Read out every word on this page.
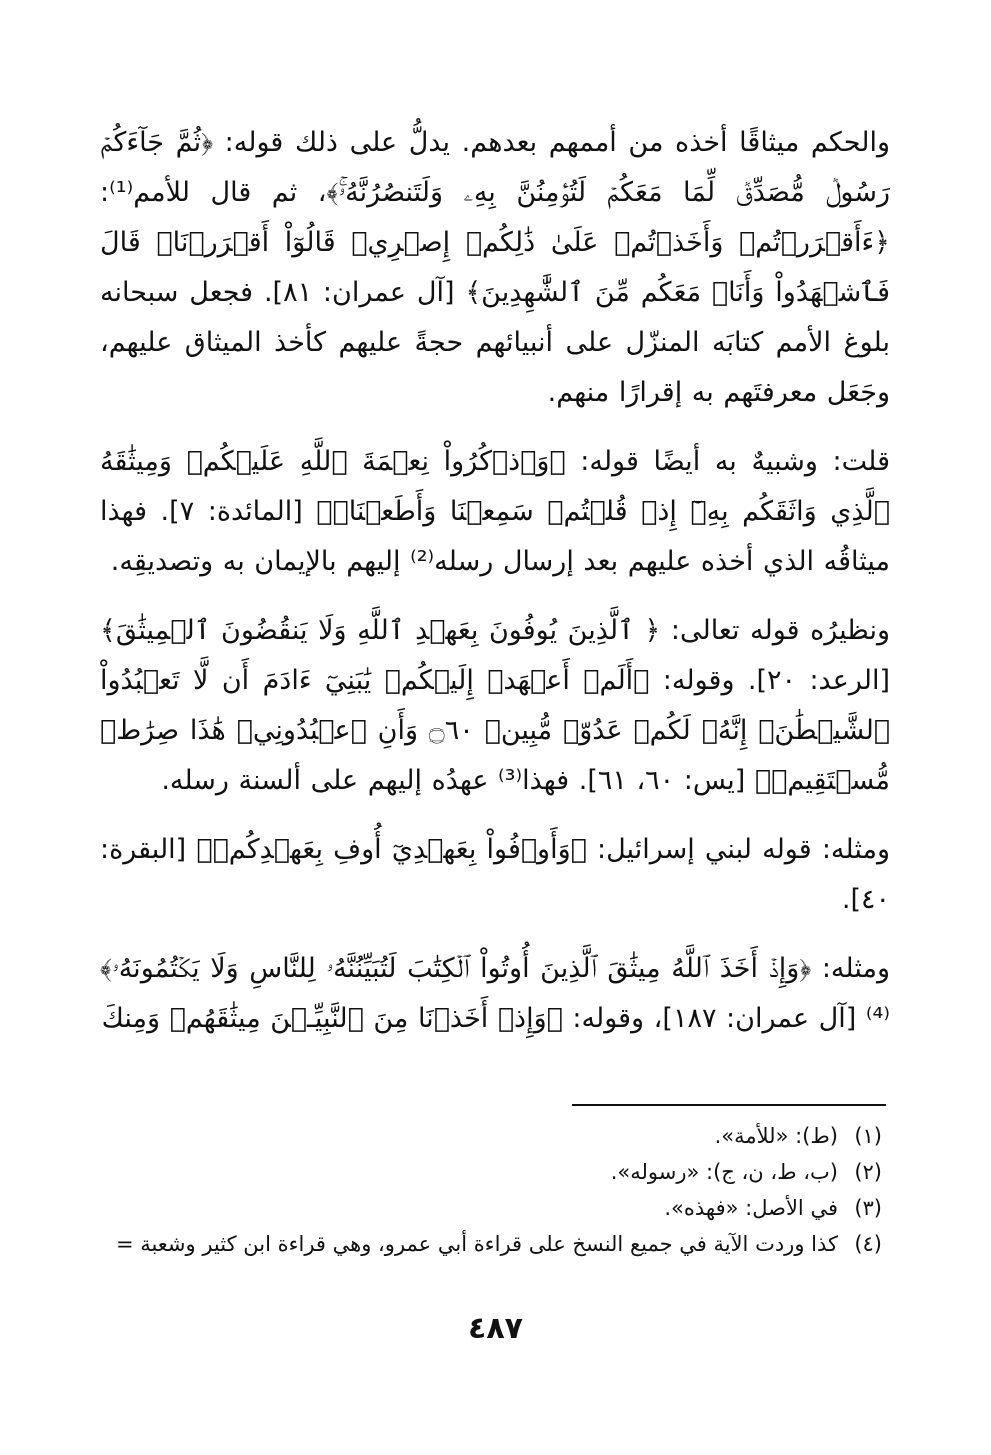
والحكم ميثاقًا أخذه من أممهم بعدهم. يدلُّ على ذلك قوله: ﴿ثُمَّ جَآءَكُمۡ رَسُولٞ مُّصَدِّقٞ لِّمَا مَعَكُمۡ لَتُؤۡمِنُنَّ بِهِۦ وَلَتَنصُرُنَّهُۥۚ﴾، ثم قال للأمم⁽¹⁾: ﴿ءَأَقۡرَرۡتُمۡ وَأَخَذۡتُمۡ عَلَىٰ ذَٰلِكُمۡ إِصۡرِيۖ قَالُوٓاْ أَقۡرَرۡنَاۚ قَالَ فَٱشۡهَدُواْ وَأَنَا۠ مَعَكُم مِّنَ ٱلشَّٰهِدِينَ﴾ [آل عمران: ٨١]. فجعل سبحانه بلوغ الأمم كتابَه المنزّل على أنبيائهم حجةً عليهم كأخذ الميثاق عليهم، وجَعَل معرفتَهم به إقرارًا منهم.

قلت: وشبيهٌ به أيضًا قوله: ﴿وَٱذۡكُرُواْ نِعۡمَةَ ٱللَّهِ عَلَيۡكُمۡ وَمِيثَٰقَهُ ٱلَّذِي وَاثَقَكُم بِهِۦٓ إِذۡ قُلۡتُمۡ سَمِعۡنَا وَأَطَعۡنَاۖ﴾ [المائدة: ٧]. فهذا ميثاقُه الذي أخذه عليهم بعد إرسال رسله⁽²⁾ إليهم بالإيمان به وتصديقِه.

ونظيرُه قوله تعالى: ﴿ ٱلَّذِينَ يُوفُونَ بِعَهۡدِ ٱللَّهِ وَلَا يَنقُضُونَ ٱلۡمِيثَٰقَ﴾ [الرعد: ٢٠]. وقوله: ﴿أَلَمۡ أَعۡهَدۡ إِلَيۡكُمۡ يَٰبَنِيٓ ءَادَمَ أَن لَّا تَعۡبُدُواْ ٱلشَّيۡطَٰنَۖ إِنَّهُۥ لَكُمۡ عَدُوّٞ مُّبِينٞ ۝٦٠ وَأَنِ ٱعۡبُدُونِيۚ هَٰذَا صِرَٰطٞ مُّسۡتَقِيمٞ﴾ [يس: ٦٠، ٦١]. فهذا⁽³⁾ عهدُه إليهم على ألسنة رسله.

ومثله: قوله لبني إسرائيل: ﴿وَأَوۡفُواْ بِعَهۡدِيٓ أُوفِ بِعَهۡدِكُمۡ﴾ [البقرة: ٤٠].

ومثله: ﴿وَإِذۡ أَخَذَ ٱللَّهُ مِيثَٰقَ ٱلَّذِينَ أُوتُواْ ٱلۡكِتَٰبَ لَتُبَيِّنُنَّهُۥ لِلنَّاسِ وَلَا يَكۡتُمُونَهُۥ﴾⁽⁴⁾ [آل عمران: ١٨٧]، وقوله: ﴿وَإِذۡ أَخَذۡنَا مِنَ ٱلنَّبِيِّـۧنَ مِيثَٰقَهُمۡ وَمِنكَ

(١)
(ط): «للأمة».
(٢)
(ب، ط، ن، ج): «رسوله».
(٣)
في الأصل: «فهذه».
(٤)
كذا وردت الآية في جميع النسخ على قراءة أبي عمرو، وهي قراءة ابن كثير وشعبة =
٤٨٧
